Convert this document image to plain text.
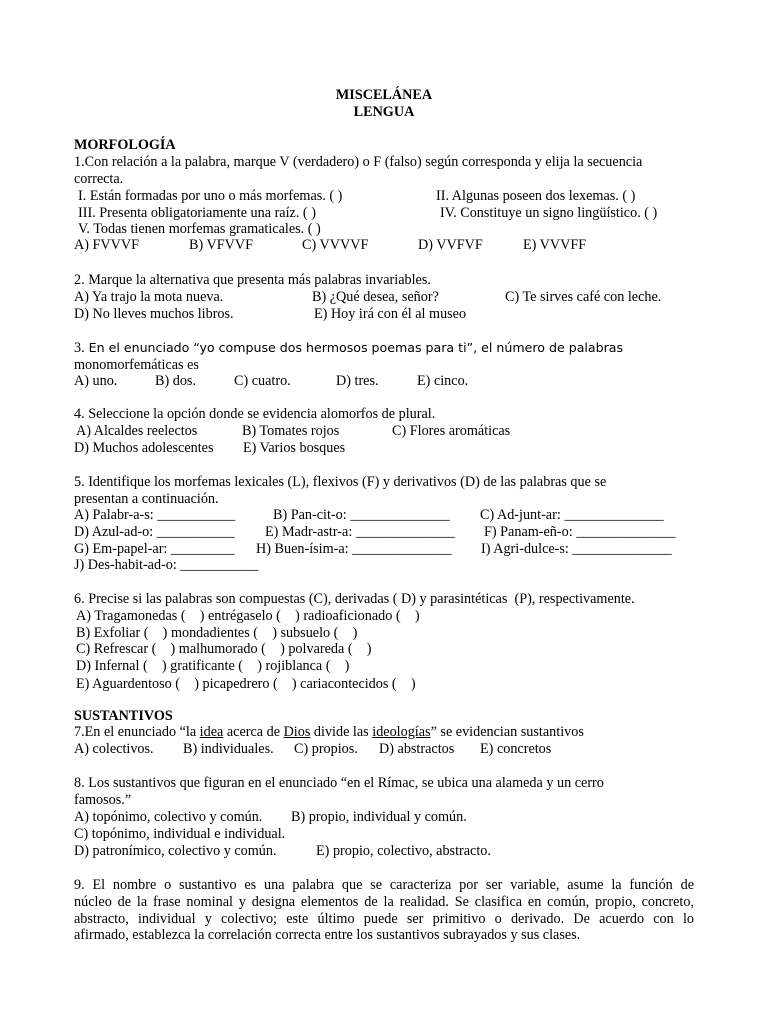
MISCELÁNEA
LENGUA
MORFOLOGÍA
1.Con relación a la palabra, marque V (verdadero) o F (falso) según corresponda y elija la secuencia
correcta.
I. Están formadas por uno o más morfemas. ( )	II. Algunas poseen dos lexemas. ( )
III. Presenta obligatoriamente una raíz. ( )	IV. Constituye un signo lingüístico. ( )
V. Todas tienen morfemas gramaticales. ( )
A) FVVVF	B) VFVVF	C) VVVVF	D) VVFVF	E) VVVFF
2. Marque la alternativa que presenta más palabras invariables.
A) Ya trajo la mota nueva.	B) ¿Qué desea, señor?	C) Te sirves café con leche.
D) No lleves muchos libros.	E) Hoy irá con él al museo
3. En el enunciado “yo compuse dos hermosos poemas para ti”, el número de palabras
monomorfemáticas es
A) uno.	B) dos.	C) cuatro.	D) tres.	E) cinco.
4. Seleccione la opción donde se evidencia alomorfos de plural.
A) Alcaldes reelectos	B) Tomates rojos	C) Flores aromáticas
D) Muchos adolescentes E) Varios bosques
5. Identifique los morfemas lexicales (L), flexivos (F) y derivativos (D) de las palabras que se
presentan a continuación.
A) Palabr-a-s: ___________	B) Pan-cit-o: ______________ C) Ad-junt-ar: ______________
D) Azul-ad-o: ___________ E) Madr-astr-a: ______________ F) Panam-eñ-o: ______________
G) Em-papel-ar: _________ H) Buen-ísim-a: ______________ I) Agri-dulce-s: ______________
J) Des-habit-ad-o: ___________
6. Precise si las palabras son compuestas (C), derivadas ( D) y parasintéticas  (P), respectivamente.
A) Tragamonedas (    ) entrégaselo (    ) radioaficionado (    )
B) Exfoliar (    ) mondadientes (    ) subsuelo (    )
C) Refrescar (    ) malhumorado (    ) polvareda (    )
D) Infernal (    ) gratificante (    ) rojiblanca (    )
E) Aguardentoso (    ) picapedrero (    ) cariacontecidos (    )
SUSTANTIVOS
7.En el enunciado “la idea acerca de Dios divide las ideologías” se evidencian sustantivos
A) colectivos. B) individuales. C) propios. D) abstractos E) concretos
8. Los sustantivos que figuran en el enunciado “en el Rímac, se ubica una alameda y un cerro
famosos.”
A) topónimo, colectivo y común. B) propio, individual y común.
C) topónimo, individual e individual.
D) patronímico, colectivo y común.	E) propio, colectivo, abstracto.
9. El nombre o sustantivo es una palabra que se caracteriza por ser variable, asume la función de
núcleo de la frase nominal y designa elementos de la realidad. Se clasifica en común, propio, concreto,
abstracto, individual y colectivo; este último puede ser primitivo o derivado. De acuerdo con lo
afirmado, establezca la correlación correcta entre los sustantivos subrayados y sus clases.
